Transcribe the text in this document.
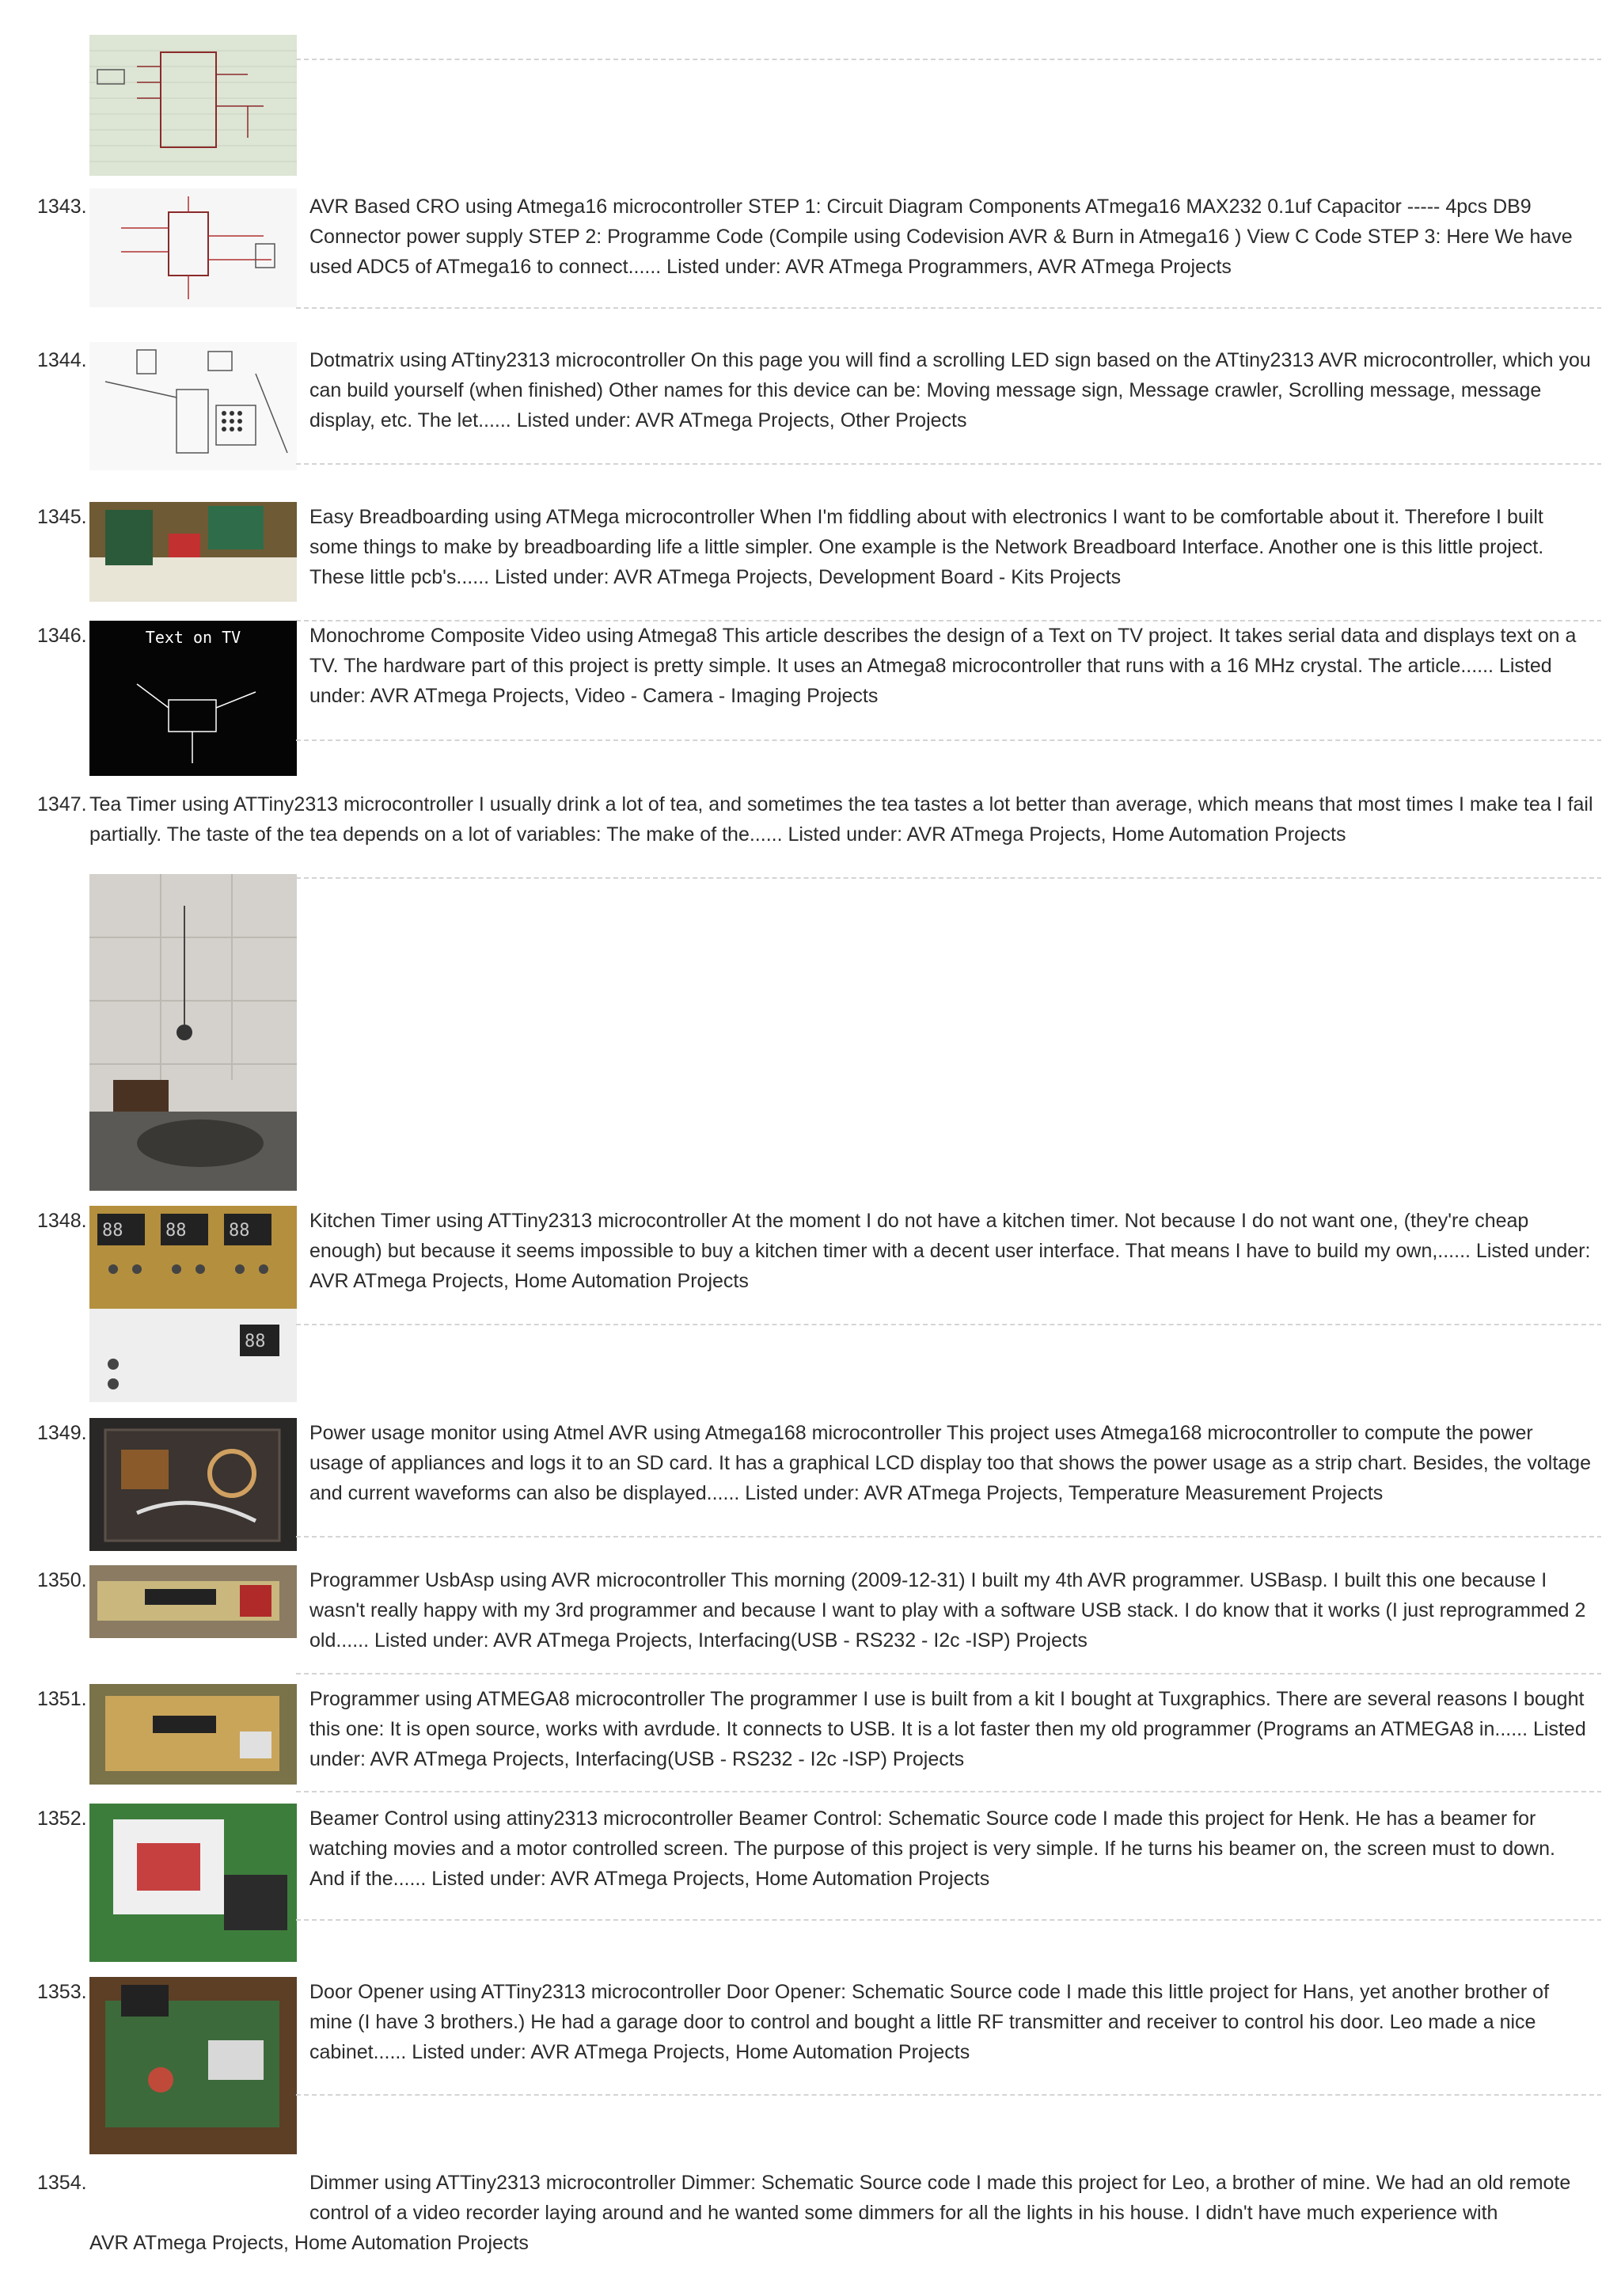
1343.	AVR Based CRO using Atmega16 microcontroller STEP 1: Circuit Diagram Components ATmega16 MAX232 0.1uf Capacitor ----- 4pcs DB9 Connector power supply STEP 2: Programme Code (Compile using Codevision AVR & Burn in Atmega16 ) View C Code STEP 3: Here We have used ADC5 of ATmega16 to connect...... Listed under: AVR ATmega Programmers, AVR ATmega Projects
1344.	Dotmatrix using ATtiny2313 microcontroller On this page you will find a scrolling LED sign based on the ATtiny2313 AVR microcontroller, which you can build yourself (when finished) Other names for this device can be: Moving message sign, Message crawler, Scrolling message, message display, etc. The let...... Listed under: AVR ATmega Projects, Other Projects
1345.	Easy Breadboarding using ATMega microcontroller When I'm fiddling about with electronics I want to be comfortable about it. Therefore I built some things to make by breadboarding life a little simpler. One example is the Network Breadboard Interface. Another one is this little project. These little pcb's...... Listed under: AVR ATmega Projects, Development Board - Kits Projects
1346.	Text on TV	Monochrome Composite Video using Atmega8 This article describes the design of a Text on TV project. It takes serial data and displays text on a TV. The hardware part of this project is pretty simple. It uses an Atmega8 microcontroller that runs with a 16 MHz crystal. The article...... Listed under: AVR ATmega Projects, Video - Camera - Imaging Projects
1347. Tea Timer using ATTiny2313 microcontroller I usually drink a lot of tea, and sometimes the tea tastes a lot better than average, which means that most times I make tea I fail partially. The taste of the tea depends on a lot of variables: The make of the...... Listed under: AVR ATmega Projects, Home Automation Projects
1348. 88 88 88
88
Kitchen Timer using ATTiny2313 microcontroller At the moment I do not have a kitchen timer. Not because I do not want one, (they're cheap enough) but because it seems impossible to buy a kitchen timer with a decent user interface. That means I have to build my own,...... Listed under: AVR ATmega Projects, Home Automation Projects
1349.	Power usage monitor using Atmel AVR using Atmega168 microcontroller This project uses Atmega168 microcontroller to compute the power usage of appliances and logs it to an SD card. It has a graphical LCD display too that shows the power usage as a strip chart. Besides, the voltage and current waveforms can also be displayed...... Listed under: AVR ATmega Projects, Temperature Measurement Projects
1350.	Programmer UsbAsp using AVR microcontroller This morning (2009-12-31) I built my 4th AVR programmer. USBasp. I built this one because I wasn't really happy with my 3rd programmer and because I want to play with a software USB stack. I do know that it works (I just reprogrammed 2 old...... Listed under: AVR ATmega Projects, Interfacing(USB - RS232 - I2c -ISP) Projects
1351.	Programmer using ATMEGA8 microcontroller The programmer I use is built from a kit I bought at Tuxgraphics. There are several reasons I bought this one: It is open source, works with avrdude. It connects to USB. It is a lot faster then my old programmer (Programs an ATMEGA8 in...... Listed under: AVR ATmega Projects, Interfacing(USB - RS232 - I2c -ISP) Projects
1352.	Beamer Control using attiny2313 microcontroller Beamer Control: Schematic Source code I made this project for Henk. He has a beamer for watching movies and a motor controlled screen. The purpose of this project is very simple. If he turns his beamer on, the screen must to down. And if the...... Listed under: AVR ATmega Projects, Home Automation Projects
1353.	Door Opener using ATTiny2313 microcontroller Door Opener: Schematic Source code I made this little project for Hans, yet another brother of mine (I have 3 brothers.) He had a garage door to control and bought a little RF transmitter and receiver to control his door. Leo made a nice cabinet...... Listed under: AVR ATmega Projects, Home Automation Projects
1354.	Dimmer using ATTiny2313 microcontroller Dimmer: Schematic Source code I made this project for Leo, a brother of mine. We had an old remote control of a video recorder laying around and he wanted some dimmers for all the lights in his house. I didn't have much experience with
AVR ATmega Projects, Home Automation Projects
